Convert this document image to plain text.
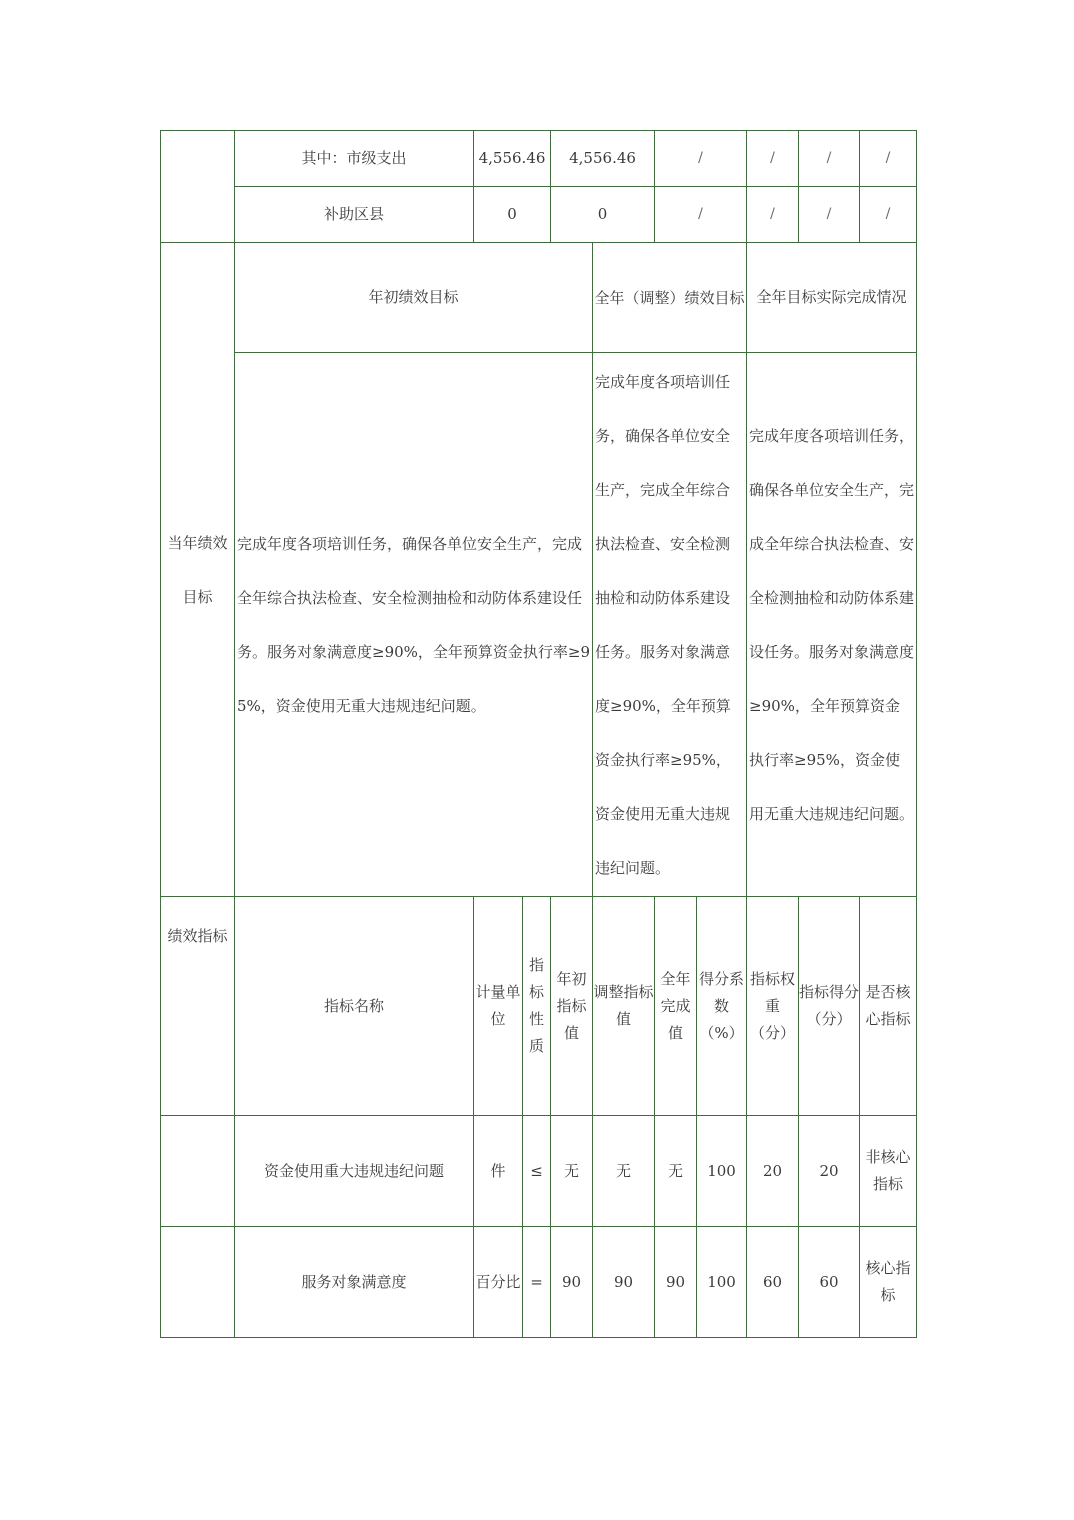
	其中：市级支出	4,556.46		4,556.46		/		/	/	/
	补助区县	0		0		/		/	/	/
当年绩效目标	年初绩效目标				全年（调整）绩效目标			全年目标实际完成情况		
	完成年度各项培训任务，确保各单位安全生产，完成全年综合执法检查、安全检测抽检和动防体系建设任务。服务对象满意度≥90%，全年预算资金执行率≥95%，资金使用无重大违规违纪问题。				完成年度各项培训任务，确保各单位安全生产，完成全年综合执法检查、安全检测抽检和动防体系建设任务。服务对象满意度≥90%，全年预算资金执行率≥95%，资金使用无重大违规违纪问题。			完成年度各项培训任务，确保各单位安全生产，完成全年综合执法检查、安全检测抽检和动防体系建设任务。服务对象满意度≥90%，全年预算资金执行率≥95%，资金使用无重大违规违纪问题。		
绩效指标	指标名称	计量单位	指标性质	年初指标值	调整指标值	全年完成值	得分系数（%）	指标权重（分）	指标得分（分）	是否核心指标
	资金使用重大违规违纪问题	件	≤	无	无	无	100	20	20	非核心指标
	服务对象满意度	百分比	=	90	90	90	100	60	60	核心指标
